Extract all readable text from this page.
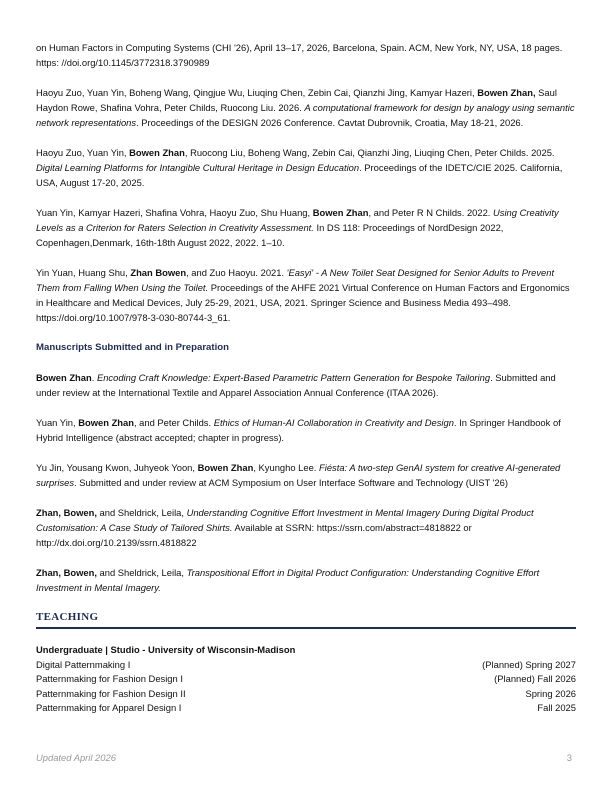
on Human Factors in Computing Systems (CHI '26), April 13–17, 2026, Barcelona, Spain. ACM, New York, NY, USA, 18 pages. https: //doi.org/10.1145/3772318.3790989

Haoyu Zuo, Yuan Yin, Boheng Wang, Qingjue Wu, Liuqing Chen, Zebin Cai, Qianzhi Jing, Kamyar Hazeri, Bowen Zhan, Saul Haydon Rowe, Shafina Vohra, Peter Childs, Ruocong Liu. 2026. A computational framework for design by analogy using semantic network representations. Proceedings of the DESIGN 2026 Conference. Cavtat Dubrovnik, Croatia, May 18-21, 2026.

Haoyu Zuo, Yuan Yin, Bowen Zhan, Ruocong Liu, Boheng Wang, Zebin Cai, Qianzhi Jing, Liuqing Chen, Peter Childs. 2025. Digital Learning Platforms for Intangible Cultural Heritage in Design Education. Proceedings of the IDETC/CIE 2025. California, USA, August 17-20, 2025.

Yuan Yin, Kamyar Hazeri, Shafina Vohra, Haoyu Zuo, Shu Huang, Bowen Zhan, and Peter R N Childs. 2022. Using Creativity Levels as a Criterion for Raters Selection in Creativity Assessment. In DS 118: Proceedings of NordDesign 2022, Copenhagen,Denmark, 16th-18th August 2022, 2022. 1–10.

Yin Yuan, Huang Shu, Zhan Bowen, and Zuo Haoyu. 2021. 'Easyi' - A New Toilet Seat Designed for Senior Adults to Prevent Them from Falling When Using the Toilet. Proceedings of the AHFE 2021 Virtual Conference on Human Factors and Ergonomics in Healthcare and Medical Devices, July 25-29, 2021, USA, 2021. Springer Science and Business Media 493–498. https://doi.org/10.1007/978-3-030-80744-3_61.

Manuscripts Submitted and in Preparation

Bowen Zhan. Encoding Craft Knowledge: Expert-Based Parametric Pattern Generation for Bespoke Tailoring. Submitted and under review at the International Textile and Apparel Association Annual Conference (ITAA 2026).

Yuan Yin, Bowen Zhan, and Peter Childs. Ethics of Human-AI Collaboration in Creativity and Design. In Springer Handbook of Hybrid Intelligence (abstract accepted; chapter in progress).

Yu Jin, Yousang Kwon, Juhyeok Yoon, Bowen Zhan, Kyungho Lee. Fiésta: A two-step GenAI system for creative AI-generated surprises. Submitted and under review at ACM Symposium on User Interface Software and Technology (UIST '26)

Zhan, Bowen, and Sheldrick, Leila, Understanding Cognitive Effort Investment in Mental Imagery During Digital Product Customisation: A Case Study of Tailored Shirts. Available at SSRN: https://ssrn.com/abstract=4818822 or http://dx.doi.org/10.2139/ssrn.4818822

Zhan, Bowen, and Sheldrick, Leila, Transpositional Effort in Digital Product Configuration: Understanding Cognitive Effort Investment in Mental Imagery.

TEACHING
Undergraduate | Studio - University of Wisconsin-Madison
Digital Patternmaking I	(Planned) Spring 2027
Patternmaking for Fashion Design I	(Planned) Fall 2026
Patternmaking for Fashion Design II	Spring 2026
Patternmaking for Apparel Design I	Fall 2025
Updated April 2026	3
